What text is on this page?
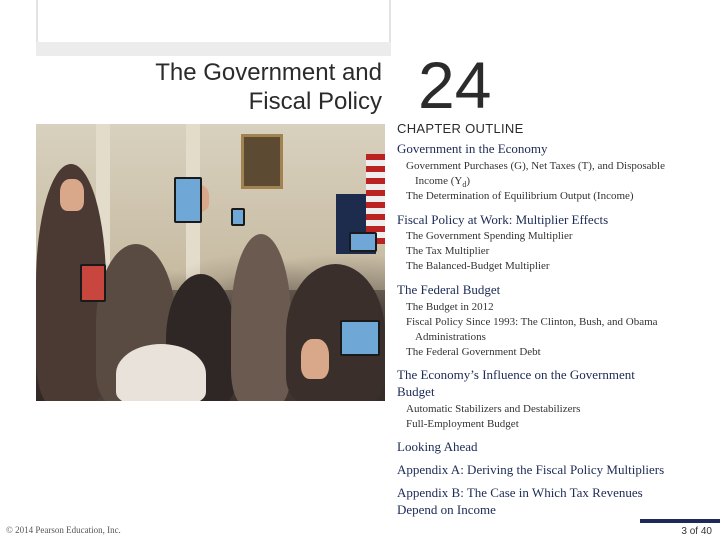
The Government and
Fiscal Policy 24
CHAPTER OUTLINE
Government in the Economy
Government Purchases (G), Net Taxes (T), and Disposable
Income $(Y_d)$
The Determination of Equilibrium Output (Income)
Fiscal Policy at Work: Multiplier Effects
The Government Spending Multiplier
The Tax Multiplier
The Balanced-Budget Multiplier
The Federal Budget
The Budget in 2012
Fiscal Policy Since 1993: The Clinton, Bush, and Obama
Administrations
The Federal Government Debt
The Economy’s Influence on the Government
Budget
Automatic Stabilizers and Destabilizers
Full-Employment Budget
Looking Ahead
Appendix A: Deriving the Fiscal Policy Multipliers
Appendix B: The Case in Which Tax Revenues
Depend on Income
© 2014 Pearson Education, Inc.	3 of 40
